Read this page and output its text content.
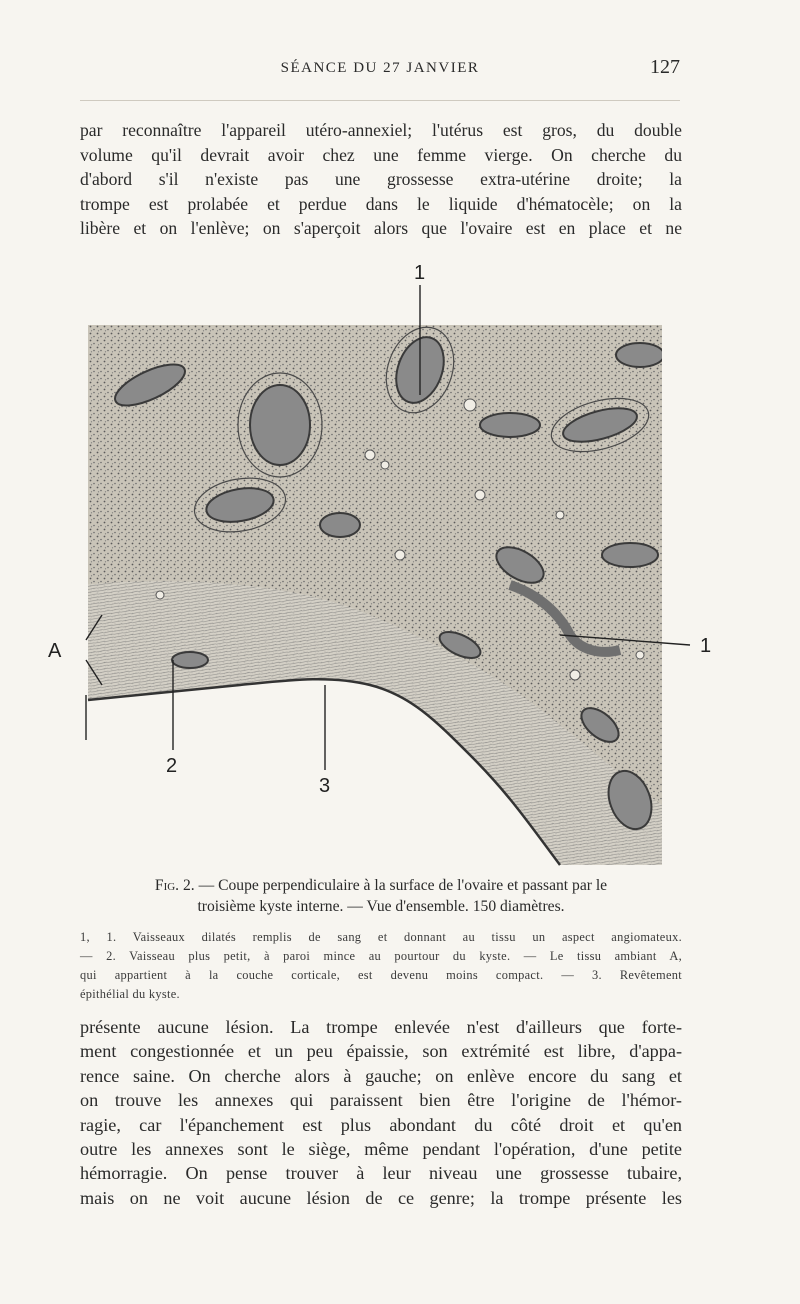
SÉANCE DU 27 JANVIER	127

par reconnaître l'appareil utéro-annexiel; l'utérus est gros, du double
volume qu'il devrait avoir chez une femme vierge. On cherche du
d'abord s'il n'existe pas une grossesse extra-utérine droite; la
trompe est prolabée et perdue dans le liquide d'hématocèle; on la
libère et on l'enlève; on s'aperçoit alors que l'ovaire est en place et ne

1
1
2
3
A
Fig. 2. — Coupe perpendiculaire à la surface de l'ovaire et passant par le
troisième kyste interne. — Vue d'ensemble. 150 diamètres.
1, 1. Vaisseaux dilatés remplis de sang et donnant au tissu un aspect angiomateux.
— 2. Vaisseau plus petit, à paroi mince au pourtour du kyste. — Le tissu ambiant A,
qui appartient à la couche corticale, est devenu moins compact. — 3. Revêtement
épithélial du kyste.

présente aucune lésion. La trompe enlevée n'est d'ailleurs que forte-
ment congestionnée et un peu épaissie, son extrémité est libre, d'appa-
rence saine. On cherche alors à gauche; on enlève encore du sang et
on trouve les annexes qui paraissent bien être l'origine de l'hémor-
ragie, car l'épanchement est plus abondant du côté droit et qu'en
outre les annexes sont le siège, même pendant l'opération, d'une petite
hémorragie. On pense trouver à leur niveau une grossesse tubaire,
mais on ne voit aucune lésion de ce genre; la trompe présente les
